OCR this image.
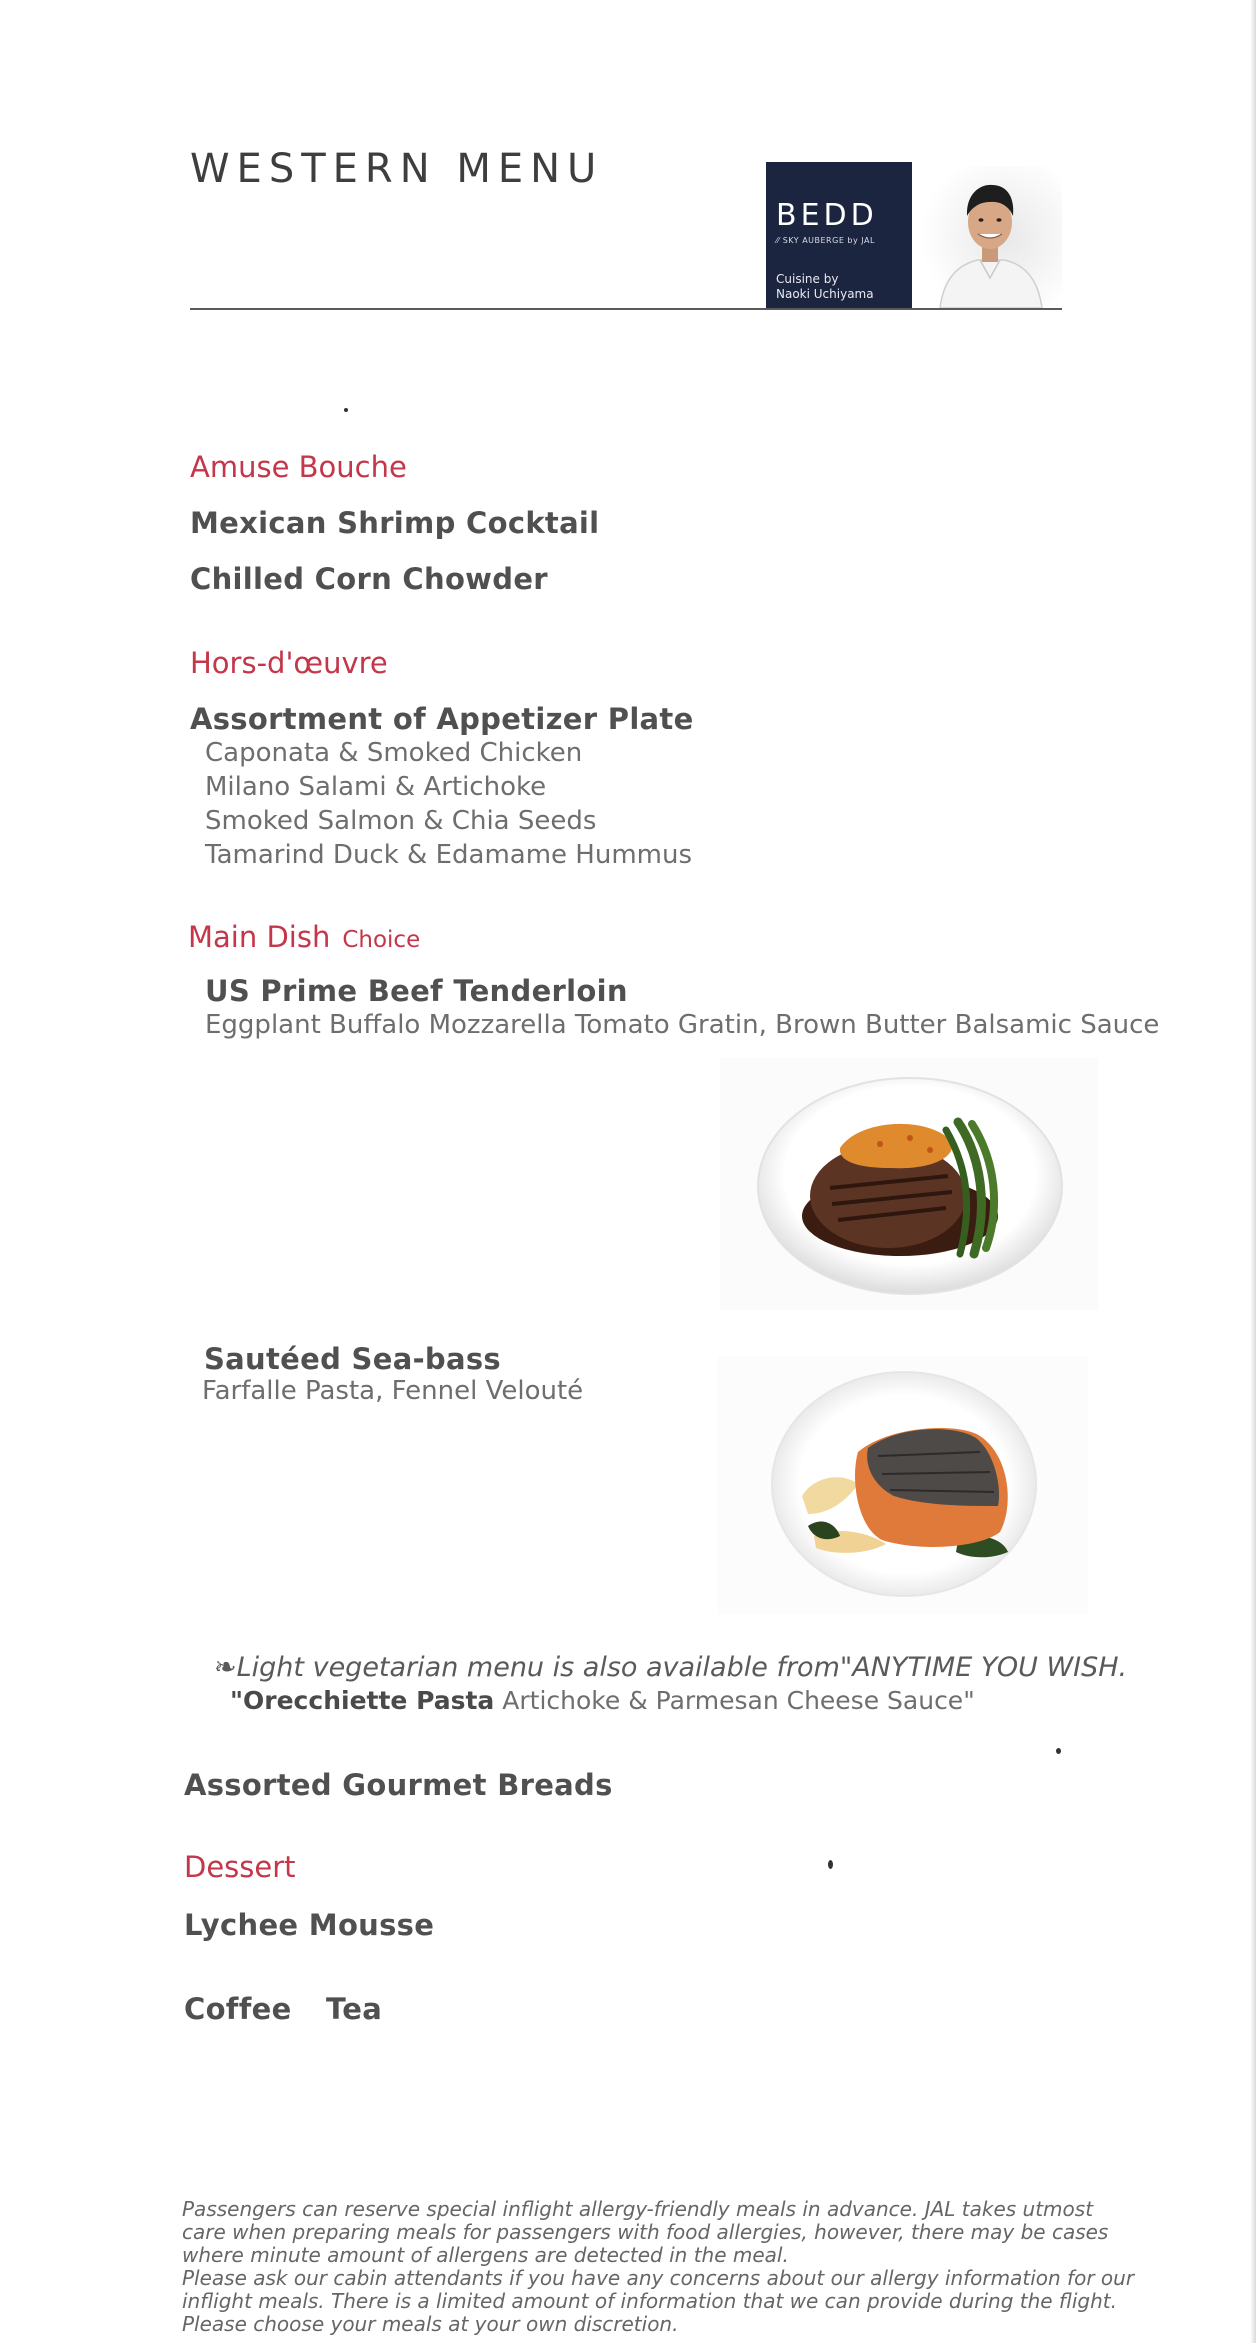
WESTERN MENU
BEDD
⁄⁄ SKY AUBERGE by JAL
Cuisine by
Naoki Uchiyama
Amuse Bouche
Mexican Shrimp Cocktail
Chilled Corn Chowder
Hors-d'œuvre
Assortment of Appetizer Plate
Caponata & Smoked Chicken
Milano Salami & Artichoke
Smoked Salmon & Chia Seeds
Tamarind Duck & Edamame Hummus
Main Dish Choice
US Prime Beef Tenderloin
Eggplant Buffalo Mozzarella Tomato Gratin, Brown Butter Balsamic Sauce
Sautéed Sea-bass
Farfalle Pasta, Fennel Velouté
❧Light vegetarian menu is also available from"ANYTIME YOU WISH.
"Orecchiette Pasta Artichoke & Parmesan Cheese Sauce"
Assorted Gourmet Breads
Dessert
Lychee Mousse
Coffee Tea

Passengers can reserve special inflight allergy-friendly meals in advance. JAL takes utmost care when preparing meals for passengers with food allergies, however, there may be cases where minute amount of allergens are detected in the meal.

Please ask our cabin attendants if you have any concerns about our allergy information for our inflight meals. There is a limited amount of information that we can provide during the flight.

Please choose your meals at your own discretion.
